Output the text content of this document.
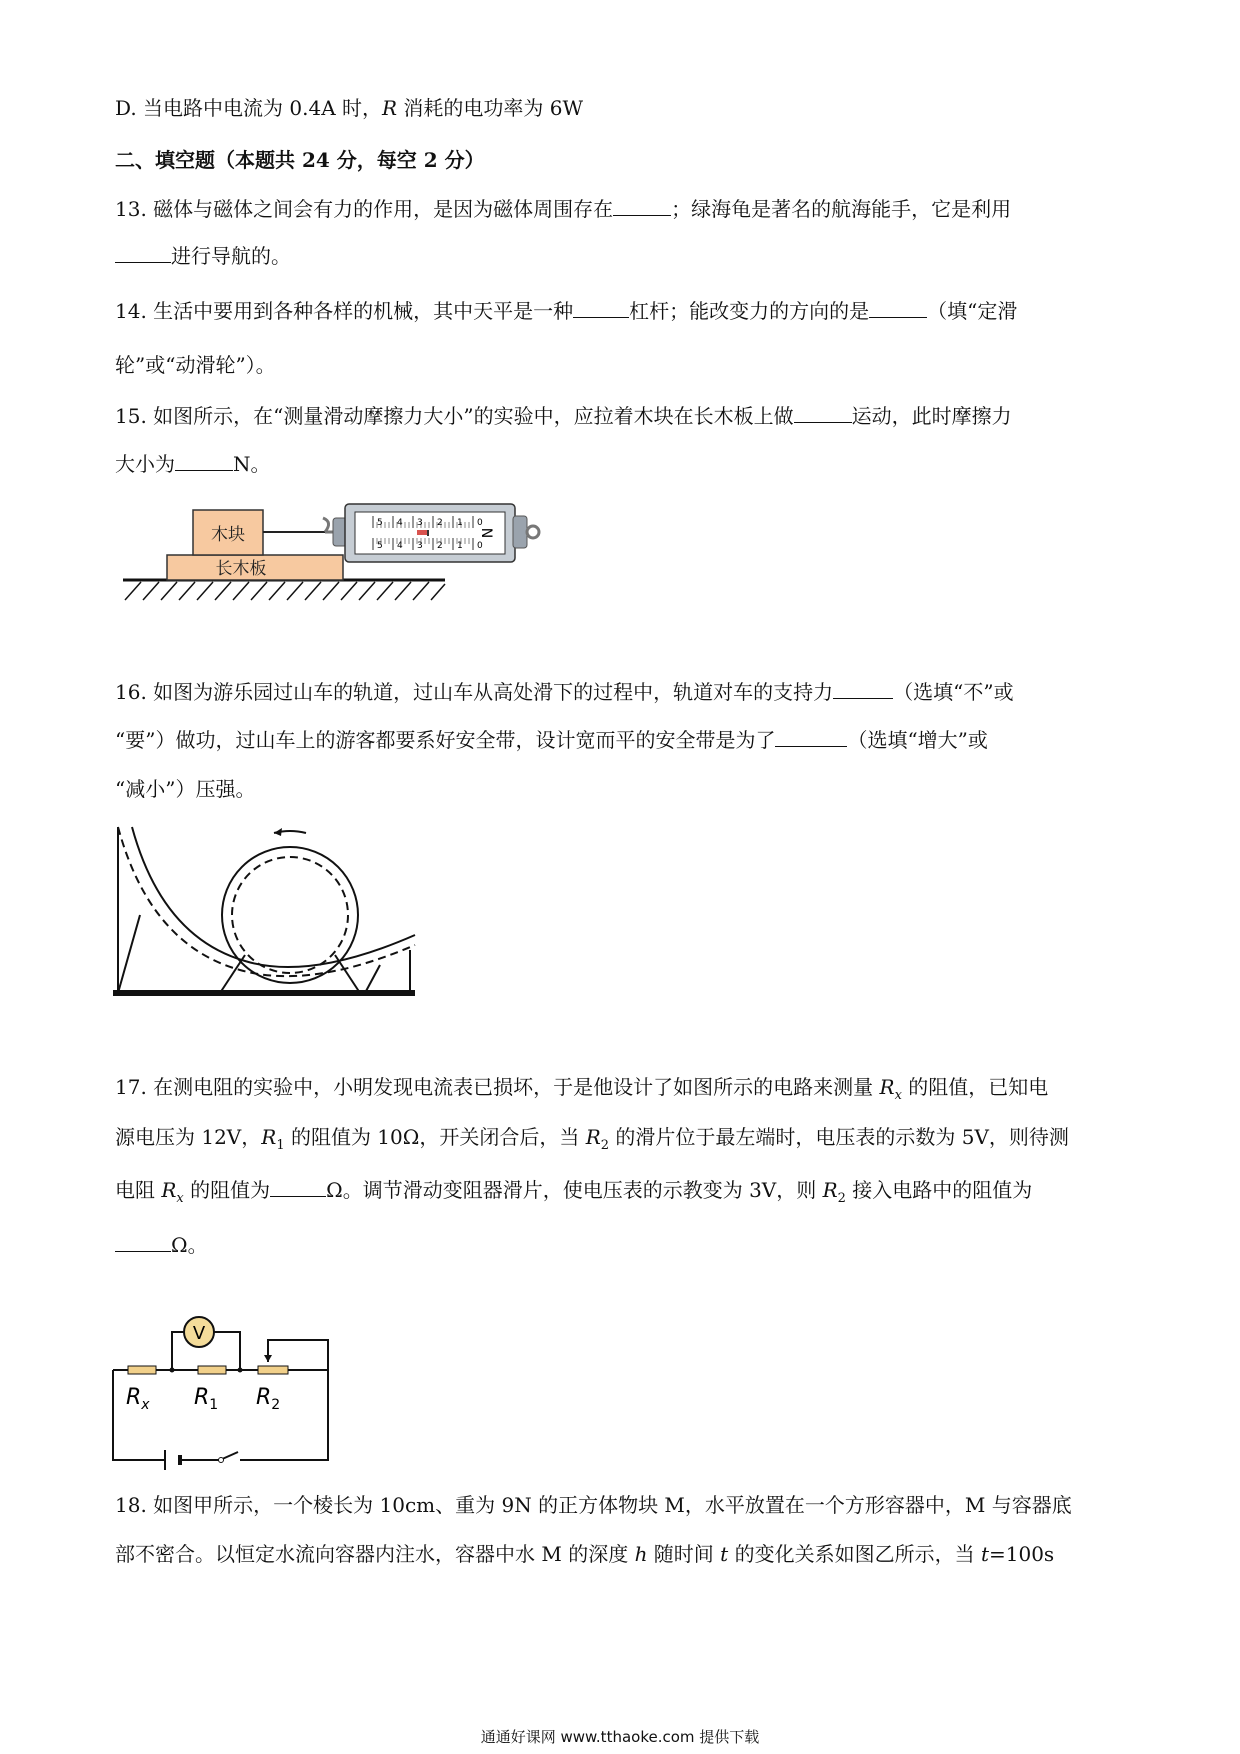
D. 当电路中电流为 0.4A 时，R 消耗的电功率为 6W
二、填空题（本题共 24 分，每空 2 分）
13. 磁体与磁体之间会有力的作用，是因为磁体周围存在	；绿海龟是著名的航海能手，它是利用
进行导航的。
14. 生活中要用到各种各样的机械，其中天平是一种	杠杆；能改变力的方向的是	（填“定滑
轮”或“动滑轮”）。
15. 如图所示，在“测量滑动摩擦力大小”的实验中，应拉着木块在长木板上做	运动，此时摩擦力
大小为	N。
长木板
木块
0
0
1
1
2
2
3
3
4
4
5
5
N
16. 如图为游乐园过山车的轨道，过山车从高处滑下的过程中，轨道对车的支持力	（选填“不”或
“要”）做功，过山车上的游客都要系好安全带，设计宽而平的安全带是为了	（选填“增大”或
“减小”）压强。
17. 在测电阻的实验中，小明发现电流表已损坏，于是他设计了如图所示的电路来测量 $R_x$ 的阻值，已知电
源电压为 12V，$R_1$ 的阻值为 10Ω，开关闭合后，当 $R_2$ 的滑片位于最左端时，电压表的示数为 5V，则待测
电阻 $R_x$ 的阻值为	Ω。调节滑动变阻器滑片，使电压表的示教变为 3V，则 $R_2$ 接入电路中的阻值为
Ω。
V
$R_x$ $R_1$ $R_2$
18. 如图甲所示，一个棱长为 10cm、重为 9N 的正方体物块 M，水平放置在一个方形容器中，M 与容器底
部不密合。以恒定水流向容器内注水，容器中水 M 的深度 h 随时间 t 的变化关系如图乙所示，当 t=100s
通通好课网 www.tthaoke.com 提供下载
